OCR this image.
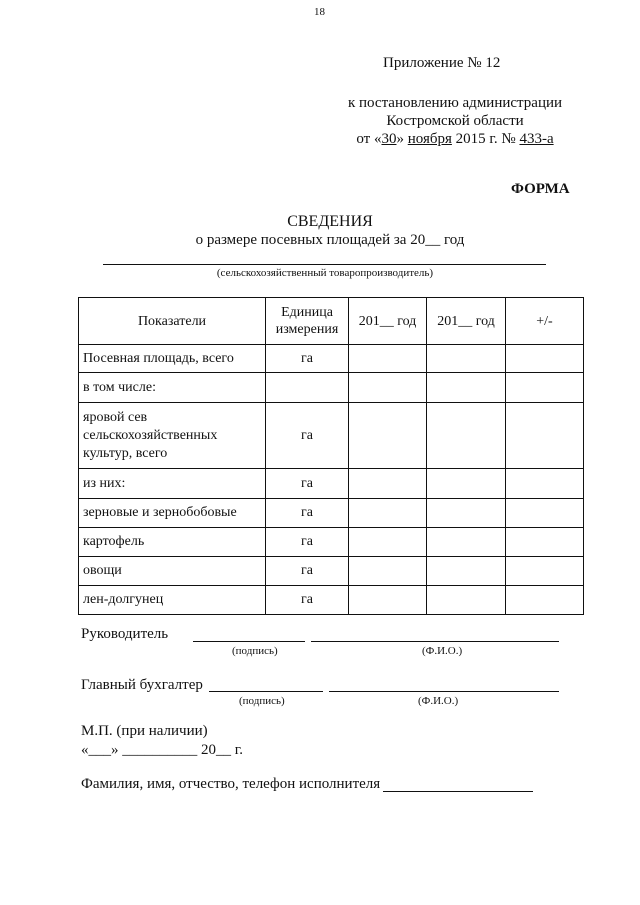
18
Приложение № 12
к постановлению администрации
Костромской области
от «30» ноября 2015 г. № 433-а
ФОРМА
СВЕДЕНИЯ
о размере посевных площадей за 20__ год
(сельскохозяйственный товаропроизводитель)
Показатели	Единица измерения	201__ год	201__ год	+/-
Посевная площадь, всего	га			
в том числе:				
яровой сев сельскохозяйственных культур, всего	га			
из них:	га			
зерновые и зернобобовые	га			
картофель	га			
овощи	га			
лен-долгунец	га			
Руководитель
(подпись)	(Ф.И.О.)
Главный бухгалтер
(подпись)	(Ф.И.О.)
М.П. (при наличии)
«___» __________ 20__ г.
Фамилия, имя, отчество, телефон исполнителя
